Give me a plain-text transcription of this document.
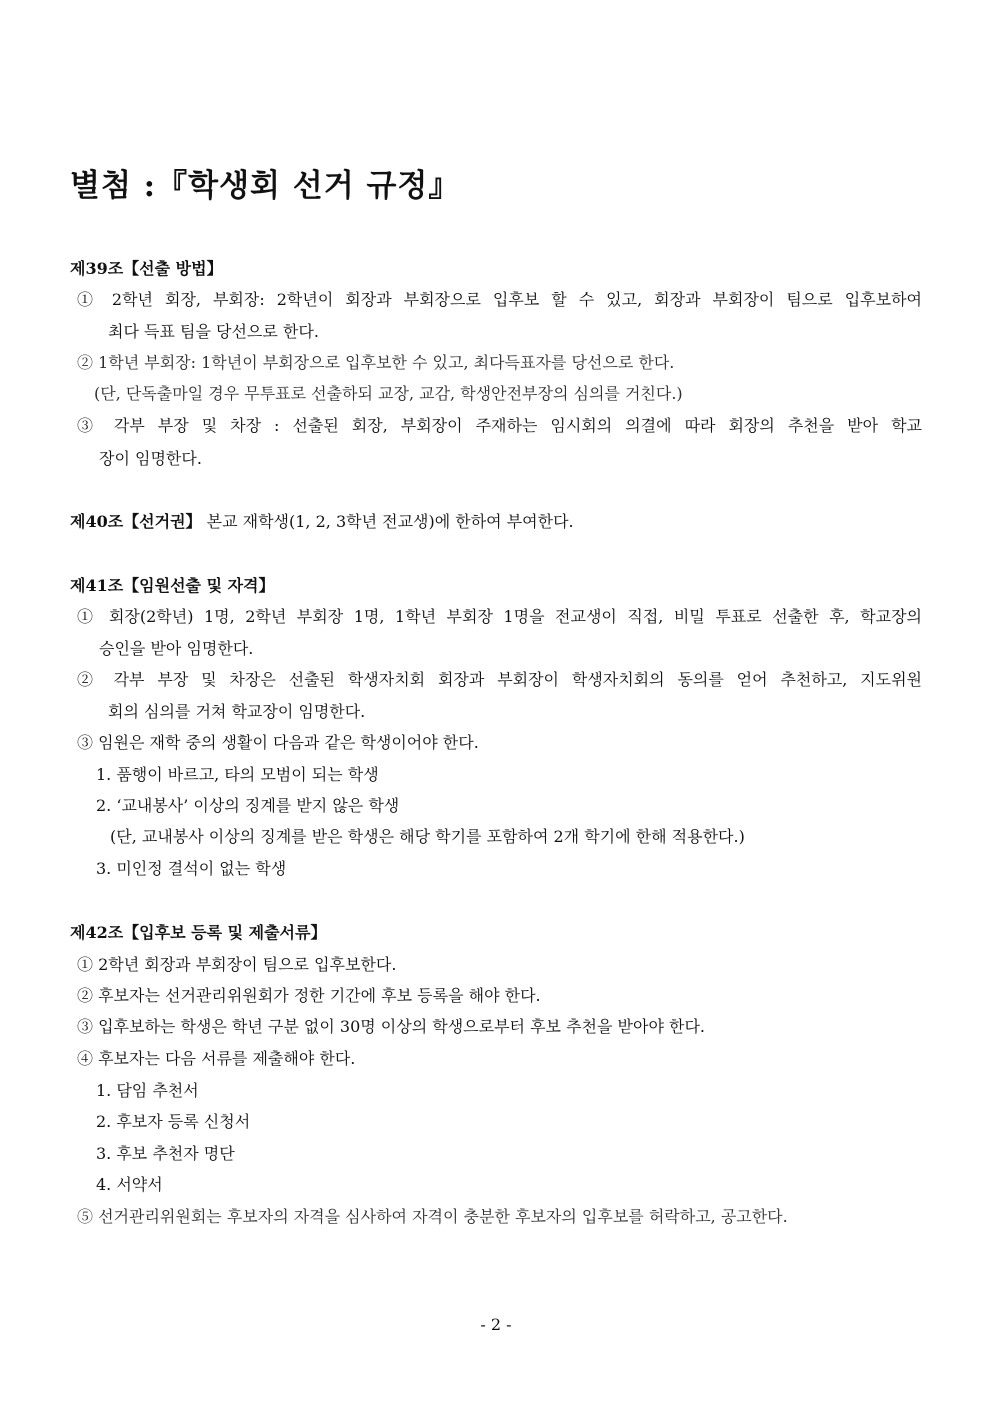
별첨 :『학생회 선거 규정』
제39조【선출 방법】
① 2학년 회장, 부회장: 2학년이 회장과 부회장으로 입후보 할 수 있고, 회장과 부회장이 팀으로 입후보하여
최다 득표 팀을 당선으로 한다.
② 1학년 부회장: 1학년이 부회장으로 입후보한 수 있고, 최다득표자를 당선으로 한다.
(단, 단독출마일 경우 무투표로 선출하되 교장, 교감, 학생안전부장의 심의를 거친다.)
③ 각부 부장 및 차장 : 선출된 회장, 부회장이 주재하는 임시회의 의결에 따라 회장의 추천을 받아 학교
장이 임명한다.
제40조【선거권】 본교 재학생(1, 2, 3학년 전교생)에 한하여 부여한다.
제41조【임원선출 및 자격】
① 회장(2학년) 1명, 2학년 부회장 1명, 1학년 부회장 1명을 전교생이 직접, 비밀 투표로 선출한 후, 학교장의
승인을 받아 임명한다.
② 각부 부장 및 차장은 선출된 학생자치회 회장과 부회장이 학생자치회의 동의를 얻어 추천하고, 지도위원
회의 심의를 거쳐 학교장이 임명한다.
③ 임원은 재학 중의 생활이 다음과 같은 학생이어야 한다.
1. 품행이 바르고, 타의 모범이 되는 학생
2. ‘교내봉사’ 이상의 징계를 받지 않은 학생
(단, 교내봉사 이상의 징계를 받은 학생은 해당 학기를 포함하여 2개 학기에 한해 적용한다.)
3. 미인정 결석이 없는 학생
제42조【입후보 등록 및 제출서류】
① 2학년 회장과 부회장이 팀으로 입후보한다.
② 후보자는 선거관리위원회가 정한 기간에 후보 등록을 해야 한다.
③ 입후보하는 학생은 학년 구분 없이 30명 이상의 학생으로부터 후보 추천을 받아야 한다.
④ 후보자는 다음 서류를 제출해야 한다.
1. 담임 추천서
2. 후보자 등록 신청서
3. 후보 추천자 명단
4. 서약서
⑤ 선거관리위원회는 후보자의 자격을 심사하여 자격이 충분한 후보자의 입후보를 허락하고, 공고한다.
- 2 -
